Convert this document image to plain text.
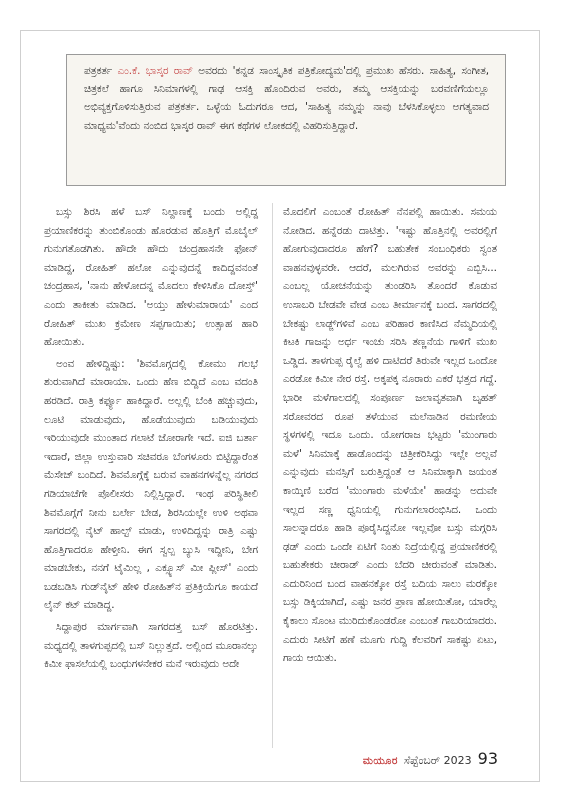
ಪತ್ರಕರ್ತ ಎಂ.ಕೆ. ಭಾಸ್ಕರ ರಾವ್ ಅವರದು 'ಕನ್ನಡ ಸಾಂಸ್ಕೃತಿಕ ಪತ್ರಿಕೋದ್ಯಮ'ದಲ್ಲಿ ಪ್ರಮುಖ ಹೆಸರು. ಸಾಹಿತ್ಯ, ಸಂಗೀತ, ಚಿತ್ರಕಲೆ ಹಾಗೂ ಸಿನಿಮಾಗಳಲ್ಲಿ ಗಾಢ ಆಸಕ್ತಿ ಹೊಂದಿರುವ ಅವರು, ತಮ್ಮ ಆಸಕ್ತಿಯನ್ನು ಬರವಣಿಗೆಯಲ್ಲೂ ಅಭಿವ್ಯಕ್ತಗೊಳಿಸುತ್ತಿರುವ ಪತ್ರಕರ್ತ. ಒಳ್ಳೆಯ ಓದುಗರೂ ಆದ, 'ಸಾಹಿತ್ಯ ನಮ್ಮನ್ನು ನಾವು ಬೆಳಸಿಕೊಳ್ಳಲು ಅಗತ್ಯವಾದ ಮಾಧ್ಯಮ'ವೆಂದು ನಂಬಿದ ಭಾಸ್ಕರ ರಾವ್ ಈಗ ಕಥೆಗಳ ಲೋಕದಲ್ಲಿ ವಿಹರಿಸುತ್ತಿದ್ದಾರೆ.

ಬಸ್ಸು ಶಿರಸಿ ಹಳೆ ಬಸ್ ನಿಲ್ದಾಣಕ್ಕೆ ಬಂದು ಅಲ್ಲಿದ್ದ ಪ್ರಯಾಣಿಕರನ್ನು ತುಂಬಿಕೊಂಡು ಹೊರಡುವ ಹೊತ್ತಿಗೆ ಮೊಬೈಲ್ ಗುನುಗತೊಡಗಿತು. ಹೌದೇ ಹೌದು ಚಂದ್ರಹಾಸನೇ ಫೋನ್ ಮಾಡಿದ್ದ, ರೋಹಿತ್ ಹಲೋ ಎನ್ನುವುದನ್ನೆ ಕಾದಿದ್ದವನಂತೆ ಚಂದ್ರಹಾಸ, 'ನಾನು ಹೇಳೋದನ್ನ ಮೊದಲು ಕೇಳಿಸಿಕೊ ದೋಸ್ತ್' ಎಂದು ತಾಕೀತು ಮಾಡಿದ. 'ಅಯ್ತು ಹೇಳುಮಾರಾಯ' ಎಂದ ರೋಹಿತ್ ಮುಖ ಕ್ರಮೇಣ ಸಪ್ಪಗಾಯಿತು; ಉತ್ಸಾಹ ಹಾರಿ ಹೋಯಿತು.

ಅಂವ ಹೇಳಿದ್ದಿಷ್ಟು: 'ಶಿವಮೊಗ್ಗದಲ್ಲಿ ಕೋಮು ಗಲಭೆ ಶುರುವಾಗಿದೆ ಮಾರಾಯಾ. ಒಂದು ಹೆಣ ಬಿದ್ದಿದೆ ಎಂಬ ವದಂತಿ ಹರಡಿದೆ. ರಾತ್ರಿ ಕರ್ಫ್ಯೂ ಹಾಕಿದ್ದಾರೆ. ಅಲ್ಲಲ್ಲಿ ಬೆಂಕಿ ಹಚ್ಚುವುದು, ಲೂಟಿ ಮಾಡುವುದು, ಹೊಡೆಯುವುದು ಬಡಿಯುವುದು ಇರಿಯುವುದೇ ಮುಂತಾದ ಗಲಾಟೆ ಜೋರಾಗೇ ಇದೆ. ಐಜಿ ಬರ್ತಾ ಇದಾರೆ, ಜಿಲ್ಲಾ ಉಸ್ತುವಾರಿ ಸಚಿವರೂ ಬೆಂಗಳೂರು ಬಿಟ್ಟಿದ್ದಾರೆಂತ ಮೆಸೇಜ್ ಬಂದಿದೆ. ಶಿವಮೊಗ್ಗೆಕ್ಕೆ ಬರುವ ವಾಹನಗಳನ್ನೆಲ್ಲ ನಗರದ ಗಡಿಯಾಚೆಗೇ ಪೊಲೀಸರು ನಿಲ್ಲಿಸ್ತಿದ್ದಾರೆ. ಇಂಥ ಪರಿಸ್ಥಿತೀಲಿ ಶಿವಮೊಗ್ಗೆಗೆ ನೀನು ಬರ್ಲೇ ಬೇಡ, ಶಿರಸಿಯಲ್ಲೇ ಉಳಿ ಅಥವಾ ಸಾಗರದಲ್ಲಿ ನೈಟ್ ಹಾಲ್ಟ್ ಮಾಡು, ಉಳಿದಿದ್ದನ್ನು ರಾತ್ರಿ ಎಷ್ಟು ಹೊತ್ತಿಗಾದರೂ ಹೇಳ್ತೀನಿ. ಈಗ ಸ್ವಲ್ಪ ಬ್ಯುಸಿ ಇದ್ದೀನಿ, ಬೇಗ ಮಾಡಬೇಕು, ನನಗೆ ಟೈಮಿಲ್ಲ , ಎಕ್ಸ್ಯೂಸ್ ಮೀ ಪ್ಲೀಸ್' ಎಂದು ಬಡಬಡಿಸಿ ಗುಡ್‌ನೈಟ್ ಹೇಳಿ ರೋಹಿತ್‌ನ ಪ್ರತಿಕ್ರಿಯೆಗೂ ಕಾಯದೆ ಲೈನ್ ಕಟ್ ಮಾಡಿದ್ದ.

ಸಿದ್ದಾಪುರ ಮಾರ್ಗವಾಗಿ ಸಾಗರದತ್ತ ಬಸ್ ಹೊರಟಿತ್ತು. ಮಧ್ಯದಲ್ಲಿ ತಾಳಗುಪ್ಪದಲ್ಲಿ ಬಸ್ ನಿಲ್ಲುತ್ತದೆ. ಅಲ್ಲಿಂದ ಮೂರಾನಲ್ಕು ಕಿಮೀ ಫಾಸಲೆಯಲ್ಲಿ ಬಂಧುಗಳನೇಕರ ಮನೆ ಇರುವುದು ಅದೇ

ಮೊದಲಿಗೆ ಎಂಬಂತೆ ರೋಹಿತ್ ನೆನಪಲ್ಲಿ ಹಾಯಿತು. ಸಮಯ ನೋಡಿದ. ಹನ್ನೆರಡು ದಾಟಿತ್ತು. 'ಇಷ್ಟು ಹೊತ್ತಿನಲ್ಲಿ ಅವರಲ್ಲಿಗೆ ಹೋಗುವುದಾದರೂ ಹೇಗೆ? ಬಹುತೇಕ ಸಂಬಂಧಿಕರು ಸ್ವಂತ ವಾಹನವುಳ್ಳವರೇ. ಆದರೆ, ಮಲಗಿರುವ ಅವರನ್ನು ಎಬ್ಬಿಸಿ... ಎಂಬಲ್ಲ ಯೋಚನೆಯನ್ನು ತುಂಡರಿಸಿ ತೊಂದರೆ ಕೊಡುವ ಉಸಾಬರಿ ಬೇಡವೇ ವೇಡ ಎಂಬ ತೀರ್ಮಾನಕ್ಕೆ ಬಂದ. ಸಾಗರದಲ್ಲಿ ಬೇಕಷ್ಟು ಲಾಡ್ಜ್‌ಗಳಿವೆ ಎಂಬ ಪರಿಹಾರ ಕಾಣಿಸಿದ ನೆಮ್ಮದಿಯಲ್ಲಿ ಕಿಟಕಿ ಗಾಜನ್ನು ಅರ್ಧ ಇಂಚು ಸರಿಸಿ ತಣ್ಣನೆಯ ಗಾಳಿಗೆ ಮುಖ ಒಡ್ಡಿದ. ತಾಳಗುಪ್ಪ ರೈಲ್ವೆ ಹಳಿ ದಾಟಿದರೆ ತಿರುವೇ ಇಲ್ಲದ ಒಂದೋ ಎರಡೋ ಕಿಮೀ ನೇರ ರಸ್ತೆ. ಅಕ್ಕಪಕ್ಕ ನೂರಾರು ಎಕರೆ ಭತ್ತದ ಗದ್ದೆ. ಭಾರೀ ಮಳೆಗಾಲದಲ್ಲಿ ಸಂಪೂರ್ಣ ಜಲಾವೃತವಾಗಿ ಬೃಹತ್ ಸರೋವರದ ರೂಪ ತಳೆಯುವ ಮಲೆನಾಡಿನ ರಮಣೀಯ ಸ್ಥಳಗಳಲ್ಲಿ ಇದೂ ಒಂದು. ಯೋಗರಾಜ ಭಟ್ಟರು 'ಮುಂಗಾರು ಮಳೆ' ಸಿನಿಮಾಕ್ಕೆ ಹಾಡೊಂದನ್ನು ಚಿತ್ರೀಕರಿಸಿದ್ದು ಇಲ್ಲೇ ಅಲ್ಲವೆ ಎನ್ನುವುದು ಮನಸ್ಸಿಗೆ ಬರುತ್ತಿದ್ದಂತೆ ಆ ಸಿನಿಮಾಕ್ಕಾಗಿ ಜಯಂತ ಕಾಯ್ಕಿಣಿ ಬರೆದ 'ಮುಂಗಾರು ಮಳೆಯೇ' ಹಾಡನ್ನು ಅದುವೇ ಇಲ್ಲದ ಸಣ್ಣ ಧ್ವನಿಯಲ್ಲಿ ಗುನುಗಲಾರಂಭಿಸಿದ. ಒಂದು ಸಾಲನ್ನಾದರೂ ಹಾಡಿ ಪೂರೈಸಿದ್ದನೋ ಇಲ್ಲವೋ ಬಸ್ಸು ಮಗ್ಗರಿಸಿ ಢಡ್ ಎಂದು ಒಂದೇ ಏಟಿಗೆ ನಿಂತು ನಿದ್ರೆಯಲ್ಲಿದ್ದ ಪ್ರಯಾಣಿಕರಲ್ಲಿ ಬಹುತೇಕರು ಚೀರಾಡ್ ಎಂದು ಬೆದರಿ ಚೀರುವಂತೆ ಮಾಡಿತು. ಎದುರಿನಿಂದ ಬಂದ ವಾಹನಕ್ಕೋ ರಸ್ತೆ ಬದಿಯ ಸಾಲು ಮರಕ್ಕೋ ಬಸ್ಸು ಡಿಕ್ಕಿಯಾಗಿದೆ, ಎಷ್ಟು ಜನರ ಪ್ರಾಣ ಹೋಯಿತೋ, ಯಾರೆಲ್ಲ ಕೈಕಾಲು ಸೊಂಟ ಮುರಿದುಕೊಂಡರೋ ಎಂಬಂತೆ ಗಾಬರಿಯಾದರು. ಎದುರು ಸೀಟಿಗೆ ಹಣೆ ಮೂಗು ಗುದ್ದಿ ಕೆಲವರಿಗೆ ಸಾಕಷ್ಟು ಏಟು, ಗಾಯ ಆಯಿತು.

ಮಯೂರ ಸೆಪ್ಟೆಂಬರ್ 2023 93
